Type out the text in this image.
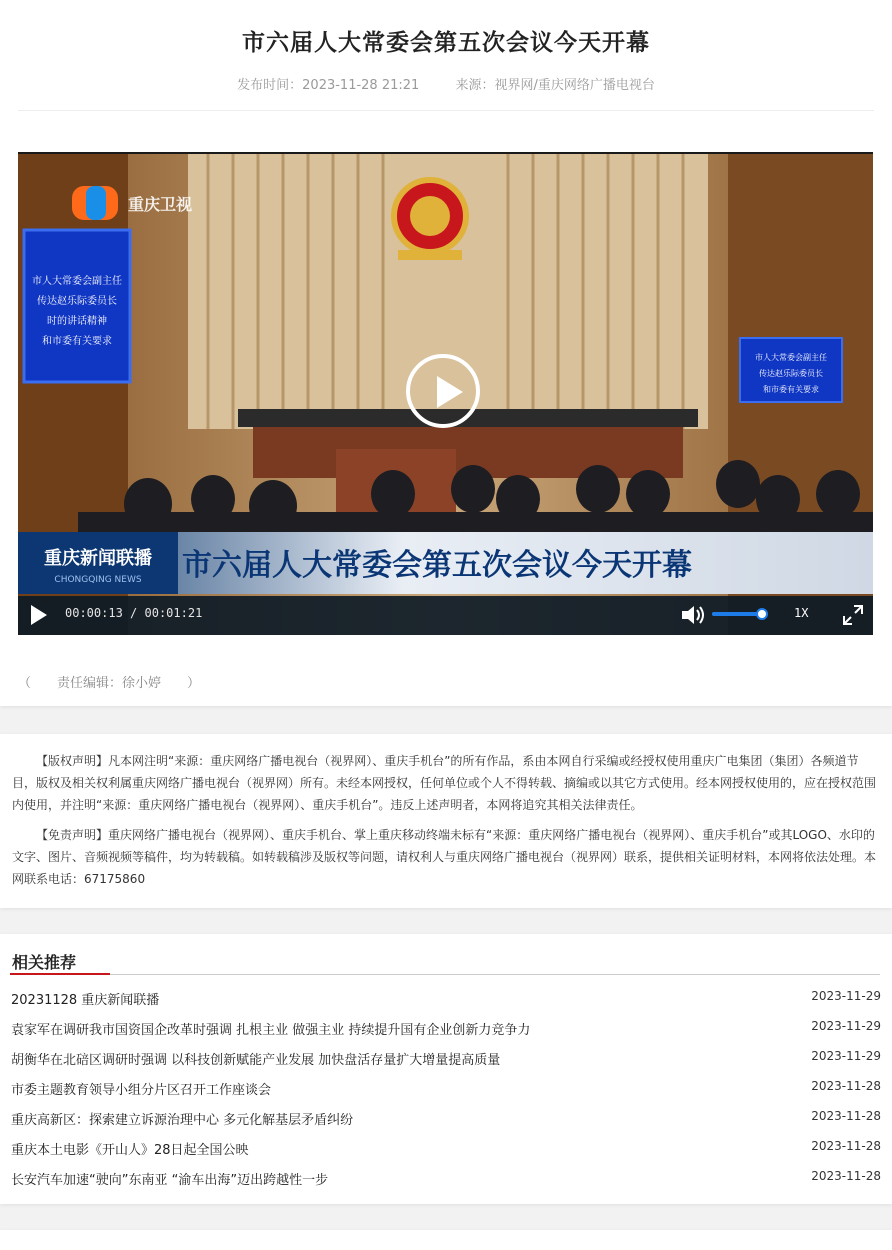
市六届人大常委会第五次会议今天开幕
发布时间：2023-11-28 21:21	来源：视界网/重庆网络广播电视台
市人大常委会副主任
传达赵乐际委员长
时的讲话精神
和市委有关要求
市人大常委会副主任
传达赵乐际委员长
和市委有关要求
重庆卫视
重庆新闻联播
CHONGQING NEWS 市六届人大常委会第五次会议今天开幕
00:00:13 / 00:01:21	1X
（　　责任编辑：徐小婷　　）
【版权声明】凡本网注明“来源：重庆网络广播电视台（视界网）、重庆手机台”的所有作品，系由本网自行采编或经授权使用重庆广电集团（集团）各频道节目，版权及相关权利属重庆网络广播电视台（视界网）所有。未经本网授权，任何单位或个人不得转载、摘编或以其它方式使用。经本网授权使用的，应在授权范围内使用，并注明“来源：重庆网络广播电视台（视界网）、重庆手机台”。违反上述声明者，本网将追究其相关法律责任。
【免责声明】重庆网络广播电视台（视界网）、重庆手机台、掌上重庆移动终端未标有“来源：重庆网络广播电视台（视界网）、重庆手机台”或其LOGO、水印的文字、图片、音频视频等稿件，均为转载稿。如转载稿涉及版权等问题，请权利人与重庆网络广播电视台（视界网）联系，提供相关证明材料，本网将依法处理。本网联系电话：67175860
相关推荐
20231128 重庆新闻联播	2023-11-29
袁家军在调研我市国资国企改革时强调 扎根主业 做强主业 持续提升国有企业创新力竞争力	2023-11-29
胡衡华在北碚区调研时强调 以科技创新赋能产业发展 加快盘活存量扩大增量提高质量	2023-11-29
市委主题教育领导小组分片区召开工作座谈会	2023-11-28
重庆高新区：探索建立诉源治理中心 多元化解基层矛盾纠纷	2023-11-28
重庆本土电影《开山人》28日起全国公映	2023-11-28
长安汽车加速“驶向”东南亚 “渝车出海”迈出跨越性一步	2023-11-28
